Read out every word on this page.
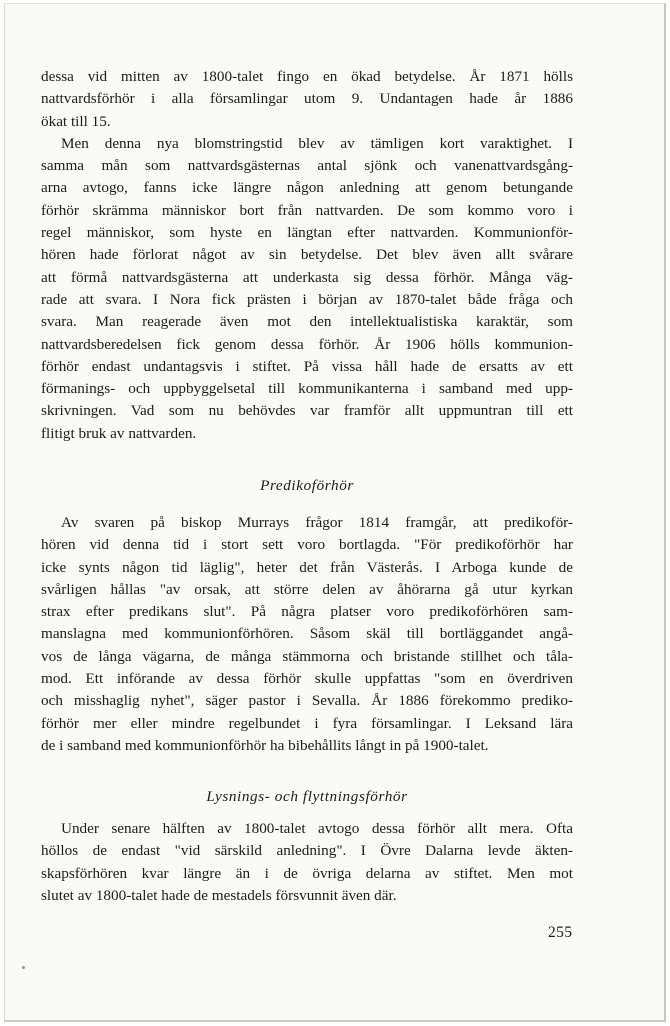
dessa vid mitten av 1800-talet fingo en ökad betydelse. År 1871 hölls
nattvardsförhör i alla församlingar utom 9. Undantagen hade år 1886
ökat till 15.
Men denna nya blomstringstid blev av tämligen kort varaktighet. I
samma mån som nattvardsgästernas antal sjönk och vanenattvardsgång-
arna avtogo, fanns icke längre någon anledning att genom betungande
förhör skrämma människor bort från nattvarden. De som kommo voro i
regel människor, som hyste en längtan efter nattvarden. Kommunionför-
hören hade förlorat något av sin betydelse. Det blev även allt svårare
att förmå nattvardsgästerna att underkasta sig dessa förhör. Många väg-
rade att svara. I Nora fick prästen i början av 1870-talet både fråga och
svara. Man reagerade även mot den intellektualistiska karaktär, som
nattvardsberedelsen fick genom dessa förhör. År 1906 hölls kommunion-
förhör endast undantagsvis i stiftet. På vissa håll hade de ersatts av ett
förmanings- och uppbyggelsetal till kommunikanterna i samband med upp-
skrivningen. Vad som nu behövdes var framför allt uppmuntran till ett
flitigt bruk av nattvarden.
Predikoförhör
Av svaren på biskop Murrays frågor 1814 framgår, att predikoför-
hören vid denna tid i stort sett voro bortlagda. "För predikoförhör har
icke synts någon tid läglig", heter det från Västerås. I Arboga kunde de
svårligen hållas "av orsak, att större delen av åhörarna gå utur kyrkan
strax efter predikans slut". På några platser voro predikoförhören sam-
manslagna med kommunionförhören. Såsom skäl till bortläggandet angå-
vos de långa vägarna, de många stämmorna och bristande stillhet och tåla-
mod. Ett införande av dessa förhör skulle uppfattas "som en överdriven
och misshaglig nyhet", säger pastor i Sevalla. År 1886 förekommo prediko-
förhör mer eller mindre regelbundet i fyra församlingar. I Leksand lära
de i samband med kommunionförhör ha bibehållits långt in på 1900-talet.
Lysnings- och flyttningsförhör
Under senare hälften av 1800-talet avtogo dessa förhör allt mera. Ofta
höllos de endast "vid särskild anledning". I Övre Dalarna levde äkten-
skapsförhören kvar längre än i de övriga delarna av stiftet. Men mot
slutet av 1800-talet hade de mestadels försvunnit även där.
255
